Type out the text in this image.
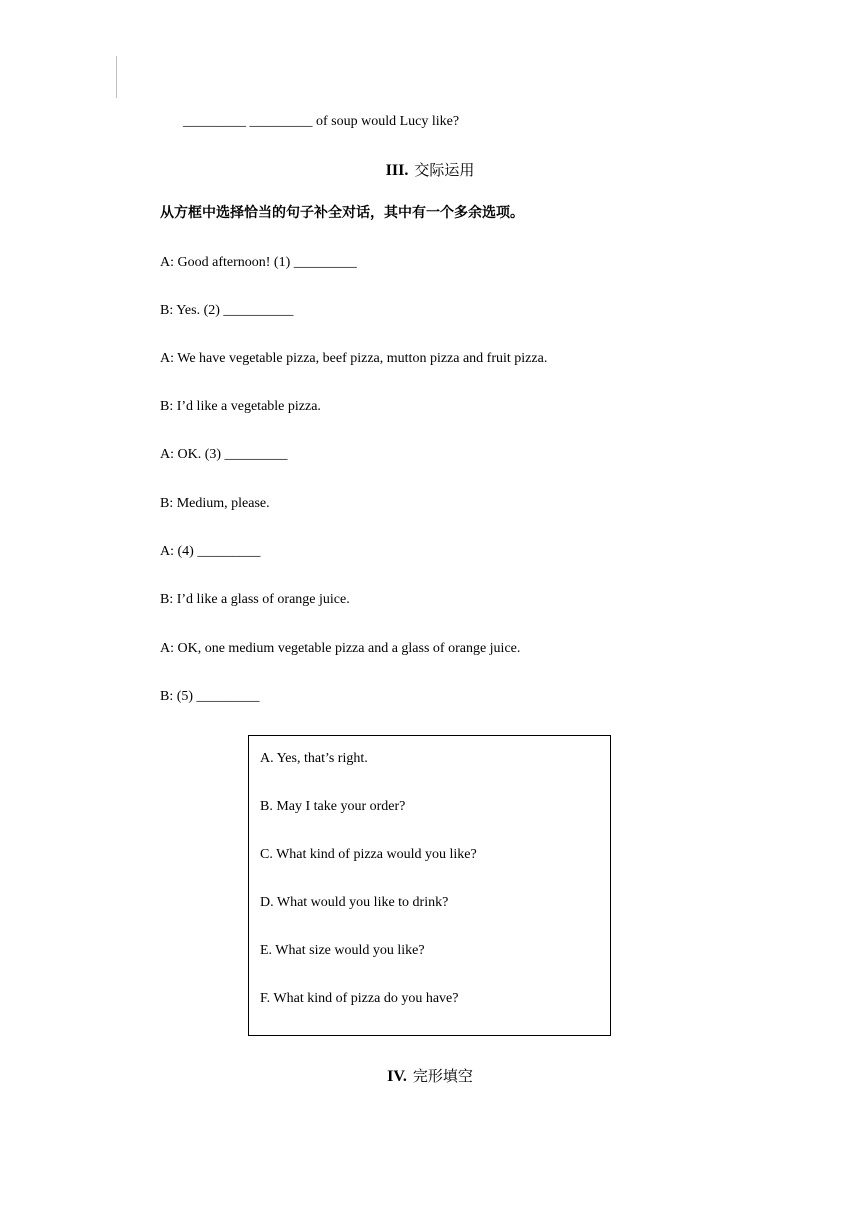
_________ _________ of soup would Lucy like?
III. 交际运用
从方框中选择恰当的句子补全对话，其中有一个多余选项。
A: Good afternoon! (1) _________
B: Yes. (2) __________
A: We have vegetable pizza, beef pizza, mutton pizza and fruit pizza.
B: I’d like a vegetable pizza.
A: OK. (3) _________
B: Medium, please.
A: (4) _________
B: I’d like a glass of orange juice.
A: OK, one medium vegetable pizza and a glass of orange juice.
B: (5) _________
A. Yes, that’s right.
B. May I take your order?
C. What kind of pizza would you like?
D. What would you like to drink?
E. What size would you like?
F. What kind of pizza do you have?
IV. 完形填空
